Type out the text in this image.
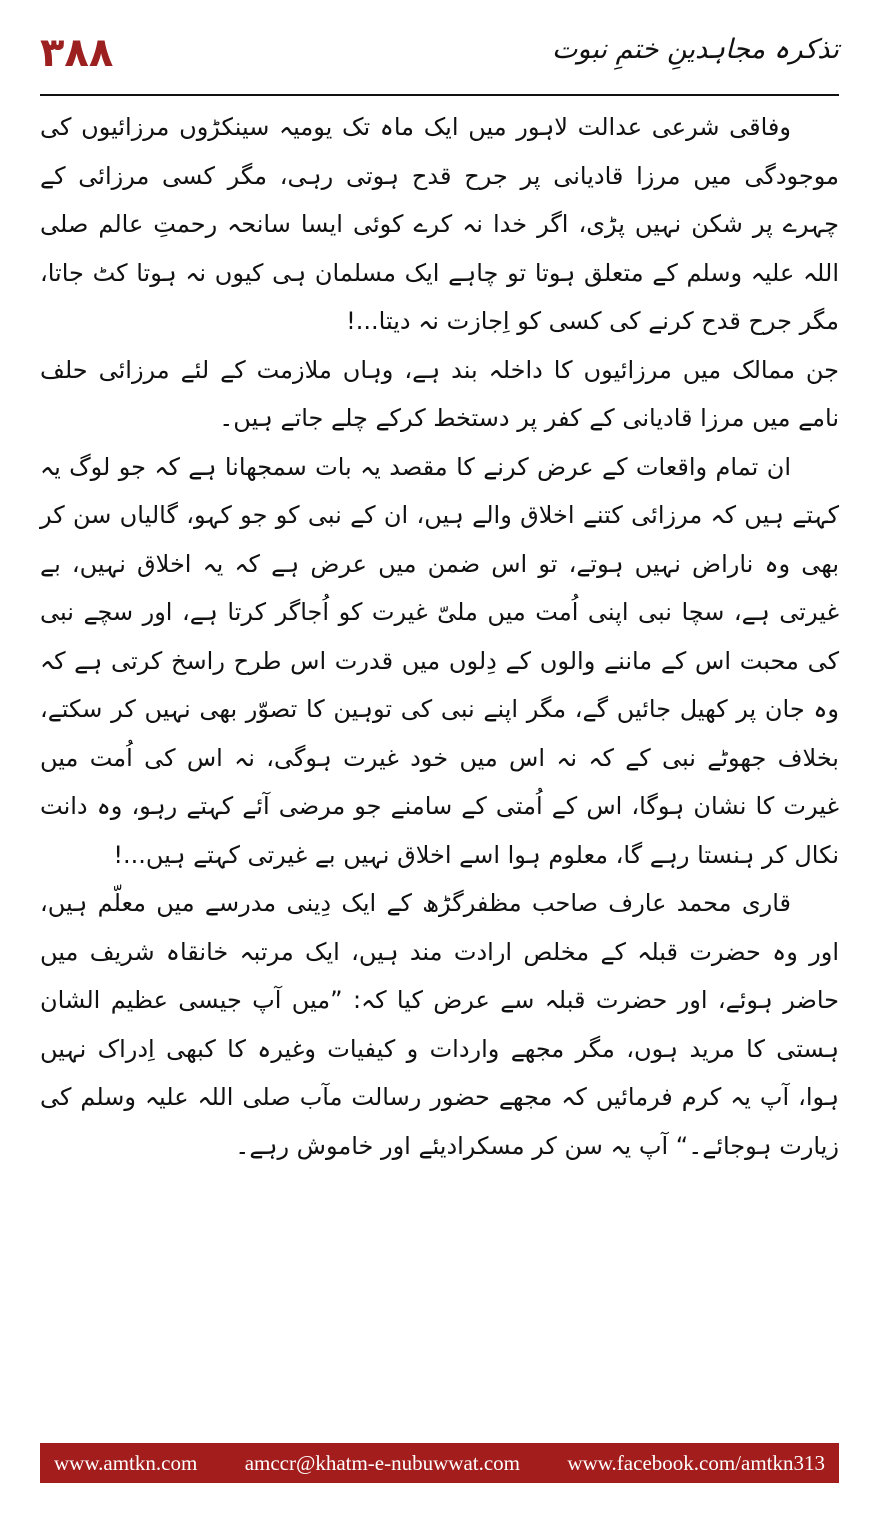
۳۸۸	تذکرہ مجاہدینِ ختمِ نبوت

وفاقی شرعی عدالت لاہور میں ایک ماہ تک یومیہ سینکڑوں مرزائیوں کی موجودگی میں مرزا قادیانی پر جرح قدح ہوتی رہی، مگر کسی مرزائی کے چہرے پر شکن نہیں پڑی، اگر خدا نہ کرے کوئی ایسا سانحہ رحمتِ عالم صلی اللہ علیہ وسلم کے متعلق ہوتا تو چاہے ایک مسلمان ہی کیوں نہ ہوتا کٹ جاتا، مگر جرح قدح کرنے کی کسی کو اِجازت نہ دیتا...!

جن ممالک میں مرزائیوں کا داخلہ بند ہے، وہاں ملازمت کے لئے مرزائی حلف نامے میں مرزا قادیانی کے کفر پر دستخط کرکے چلے جاتے ہیں۔

ان تمام واقعات کے عرض کرنے کا مقصد یہ بات سمجھانا ہے کہ جو لوگ یہ کہتے ہیں کہ مرزائی کتنے اخلاق والے ہیں، ان کے نبی کو جو کہو، گالیاں سن کر بھی وہ ناراض نہیں ہوتے، تو اس ضمن میں عرض ہے کہ یہ اخلاق نہیں، بے غیرتی ہے، سچا نبی اپنی اُمت میں ملیّ غیرت کو اُجاگر کرتا ہے، اور سچے نبی کی محبت اس کے ماننے والوں کے دِلوں میں قدرت اس طرح راسخ کرتی ہے کہ وہ جان پر کھیل جائیں گے، مگر اپنے نبی کی توہین کا تصوّر بھی نہیں کر سکتے، بخلاف جھوٹے نبی کے کہ نہ اس میں خود غیرت ہوگی، نہ اس کی اُمت میں غیرت کا نشان ہوگا، اس کے اُمتی کے سامنے جو مرضی آئے کہتے رہو، وہ دانت نکال کر ہنستا رہے گا، معلوم ہوا اسے اخلاق نہیں بے غیرتی کہتے ہیں...!

قاری محمد عارف صاحب مظفرگڑھ کے ایک دِینی مدرسے میں معلّم ہیں، اور وہ حضرت قبلہ کے مخلص ارادت مند ہیں، ایک مرتبہ خانقاہ شریف میں حاضر ہوئے، اور حضرت قبلہ سے عرض کیا کہ: ”میں آپ جیسی عظیم الشان ہستی کا مرید ہوں، مگر مجھے واردات و کیفیات وغیرہ کا کبھی اِدراک نہیں ہوا، آپ یہ کرم فرمائیں کہ مجھے حضور رسالت مآب صلی اللہ علیہ وسلم کی زیارت ہوجائے۔“ آپ یہ سن کر مسکرادیئے اور خاموش رہے۔

www.amtkn.com amccr@khatm-e-nubuwwat.com www.facebook.com/amtkn313
